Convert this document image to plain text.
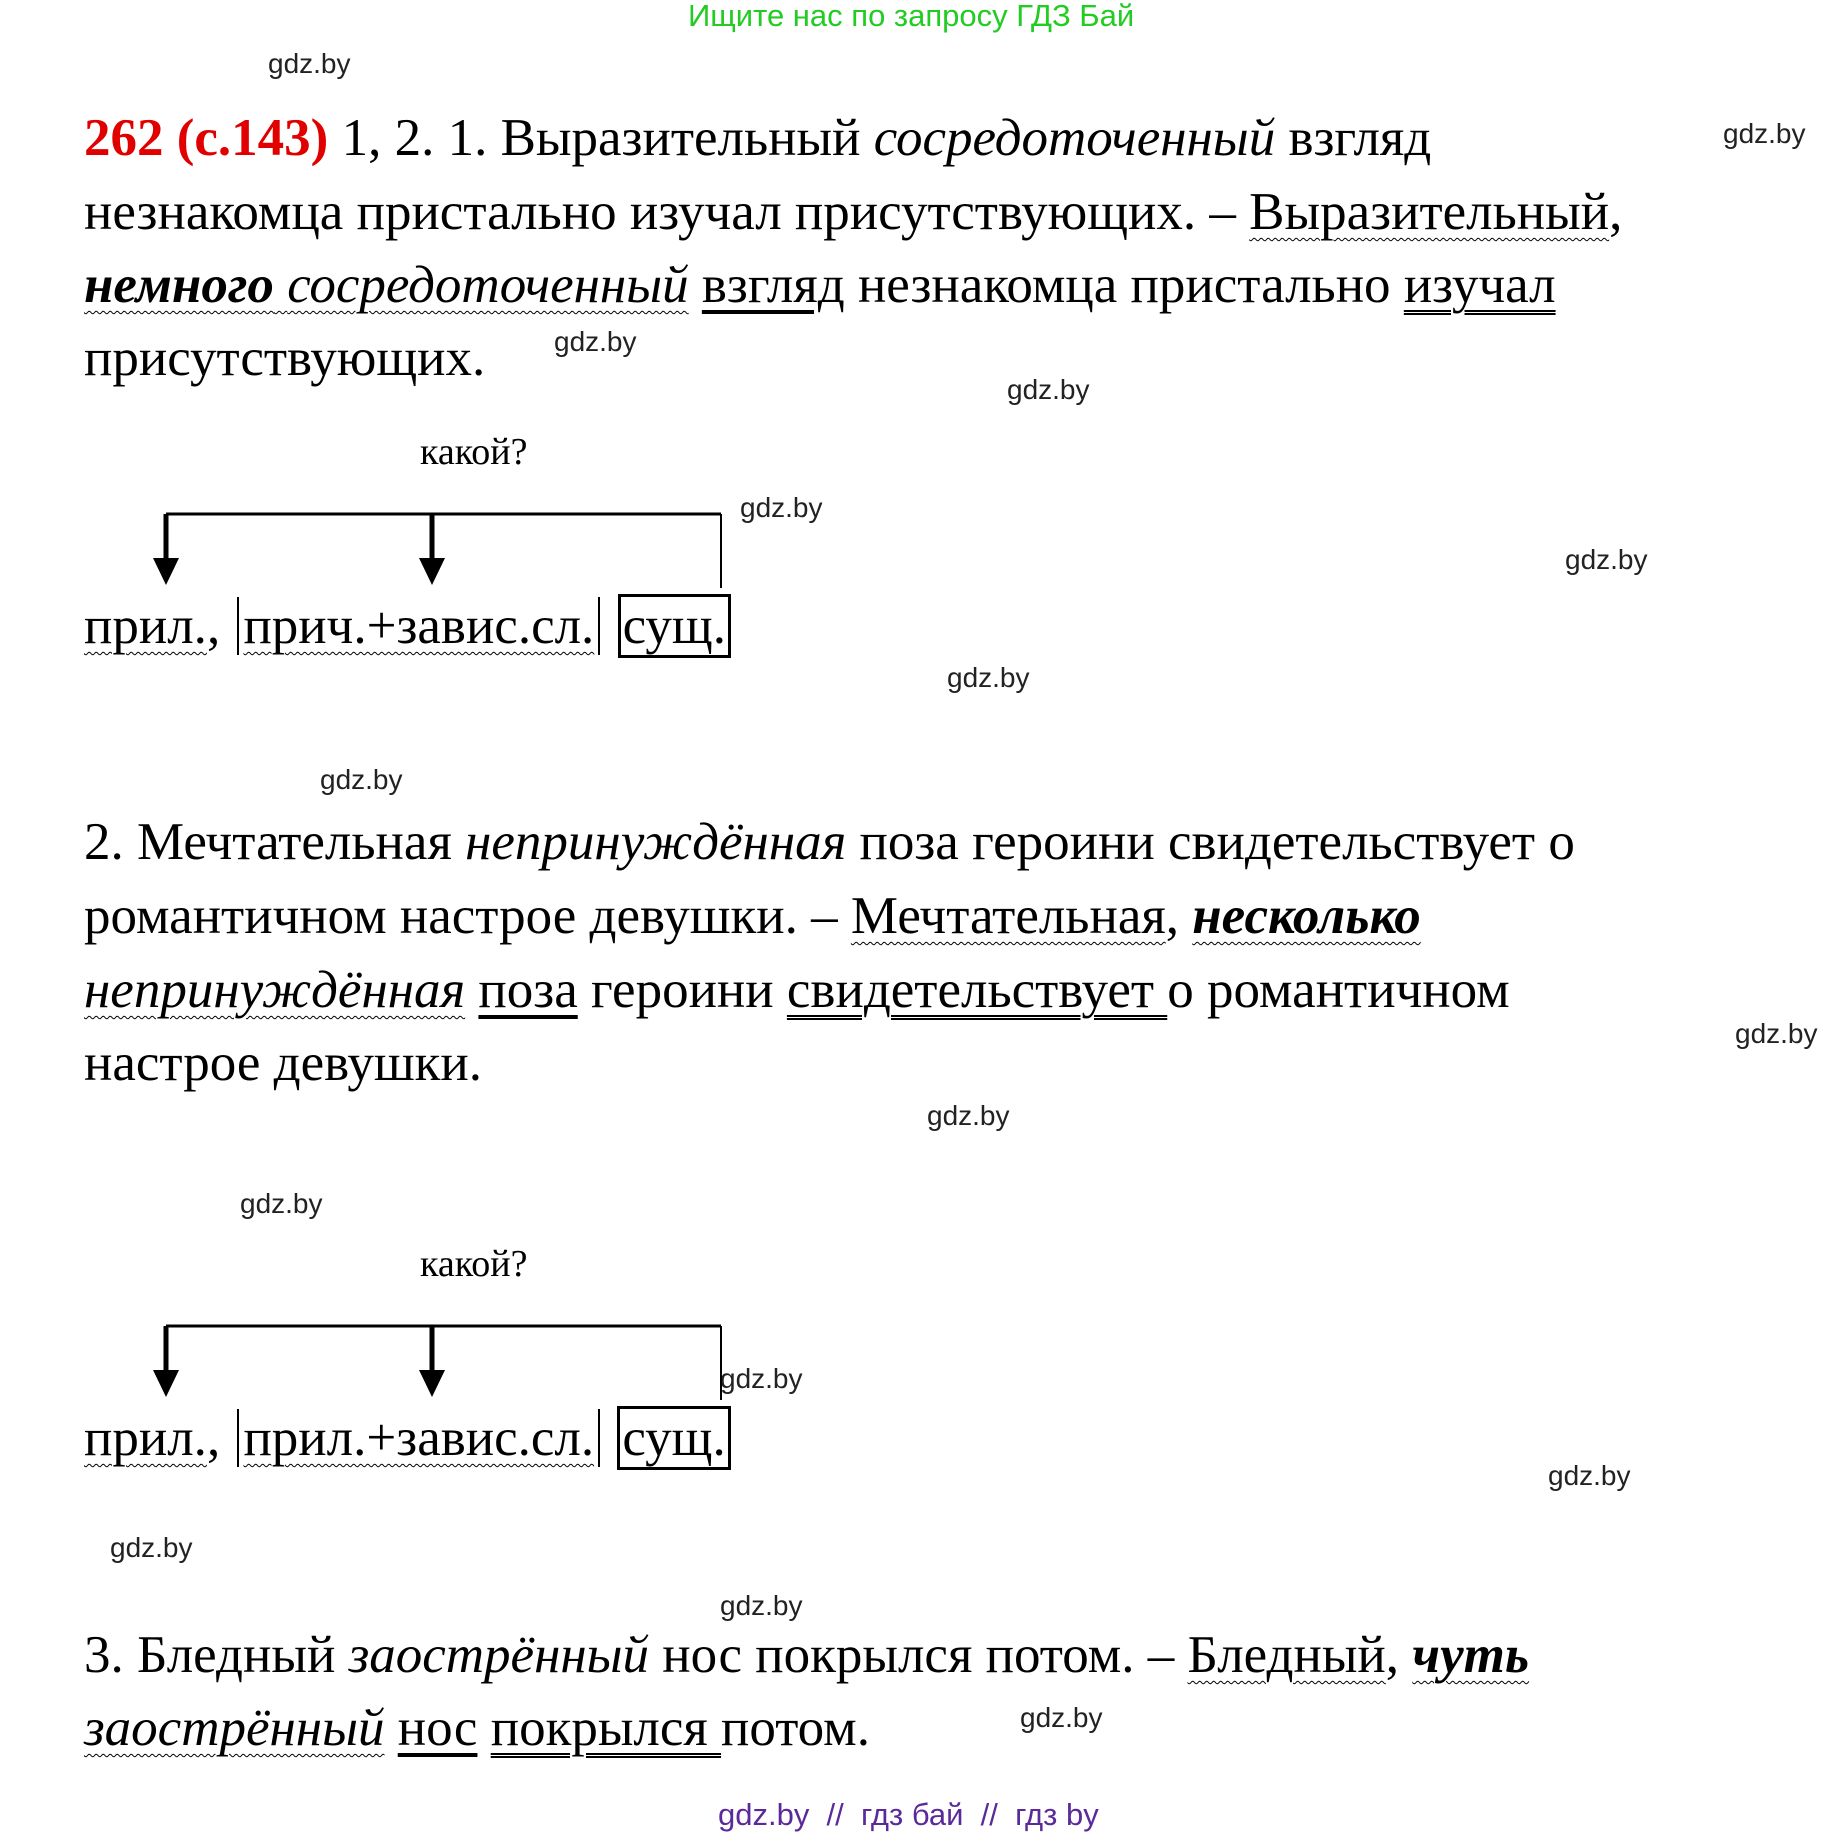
Ищите нас по запросу ГДЗ Бай
gdz.by
gdz.by
gdz.by
gdz.by
gdz.by
gdz.by
gdz.by
gdz.by
gdz.by
gdz.by
gdz.by
gdz.by
gdz.by
gdz.by
gdz.by
gdz.by
262 (с.143) 1, 2. 1. Выразительный сосредоточенный взгляд
незнакомца пристально изучал присутствующих. – Выразительный,
немного сосредоточенный взгляд незнакомца пристально изучал
присутствующих.
какой?
прил., прич.+завис.сл. сущ.
2. Мечтательная непринуждённая поза героини свидетельствует о
романтичном настрое девушки. – Мечтательная, несколько
непринуждённая поза героини свидетельствует о романтичном
настрое девушки.
какой?
прил., прил.+завис.сл. сущ.
3. Бледный заострённый нос покрылся потом. – Бледный, чуть
заострённый нос покрылся потом.
gdz.by  //  гдз бай  //  гдз by
